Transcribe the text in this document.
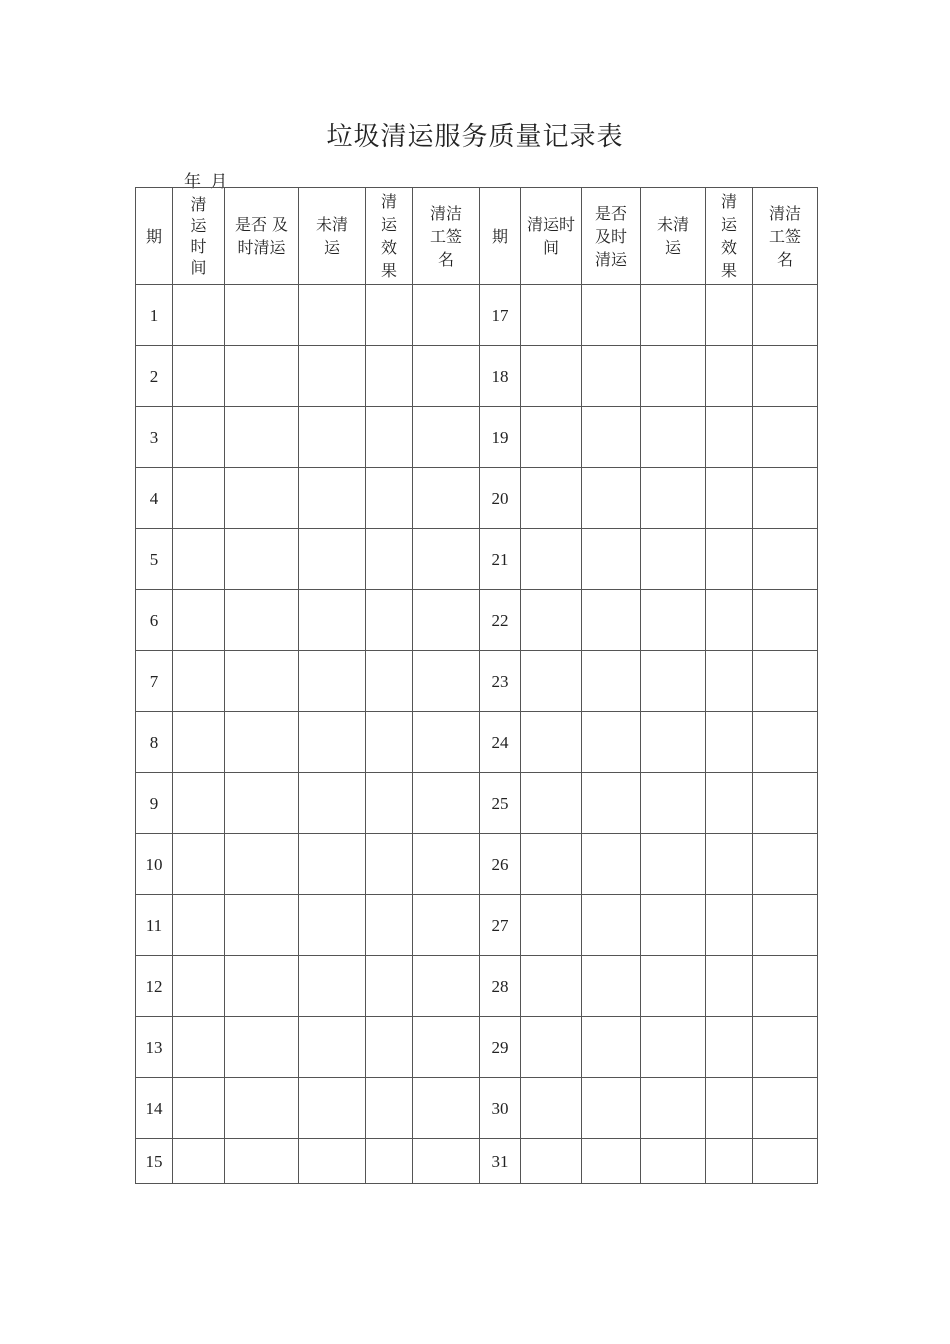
垃圾清运服务质量记录表
年 月
期	清运时间	是否 及时清运	未清运	清运效果	清洁工签名	期	清运时间	是否及时清运	未清运	清运效果	清洁工签名

1						17					
2						18					
3						19					
4						20					
5						21					
6						22					
7						23					
8						24					
9						25					
10						26					
11						27					
12						28					
13						29					
14						30					
15						31					
